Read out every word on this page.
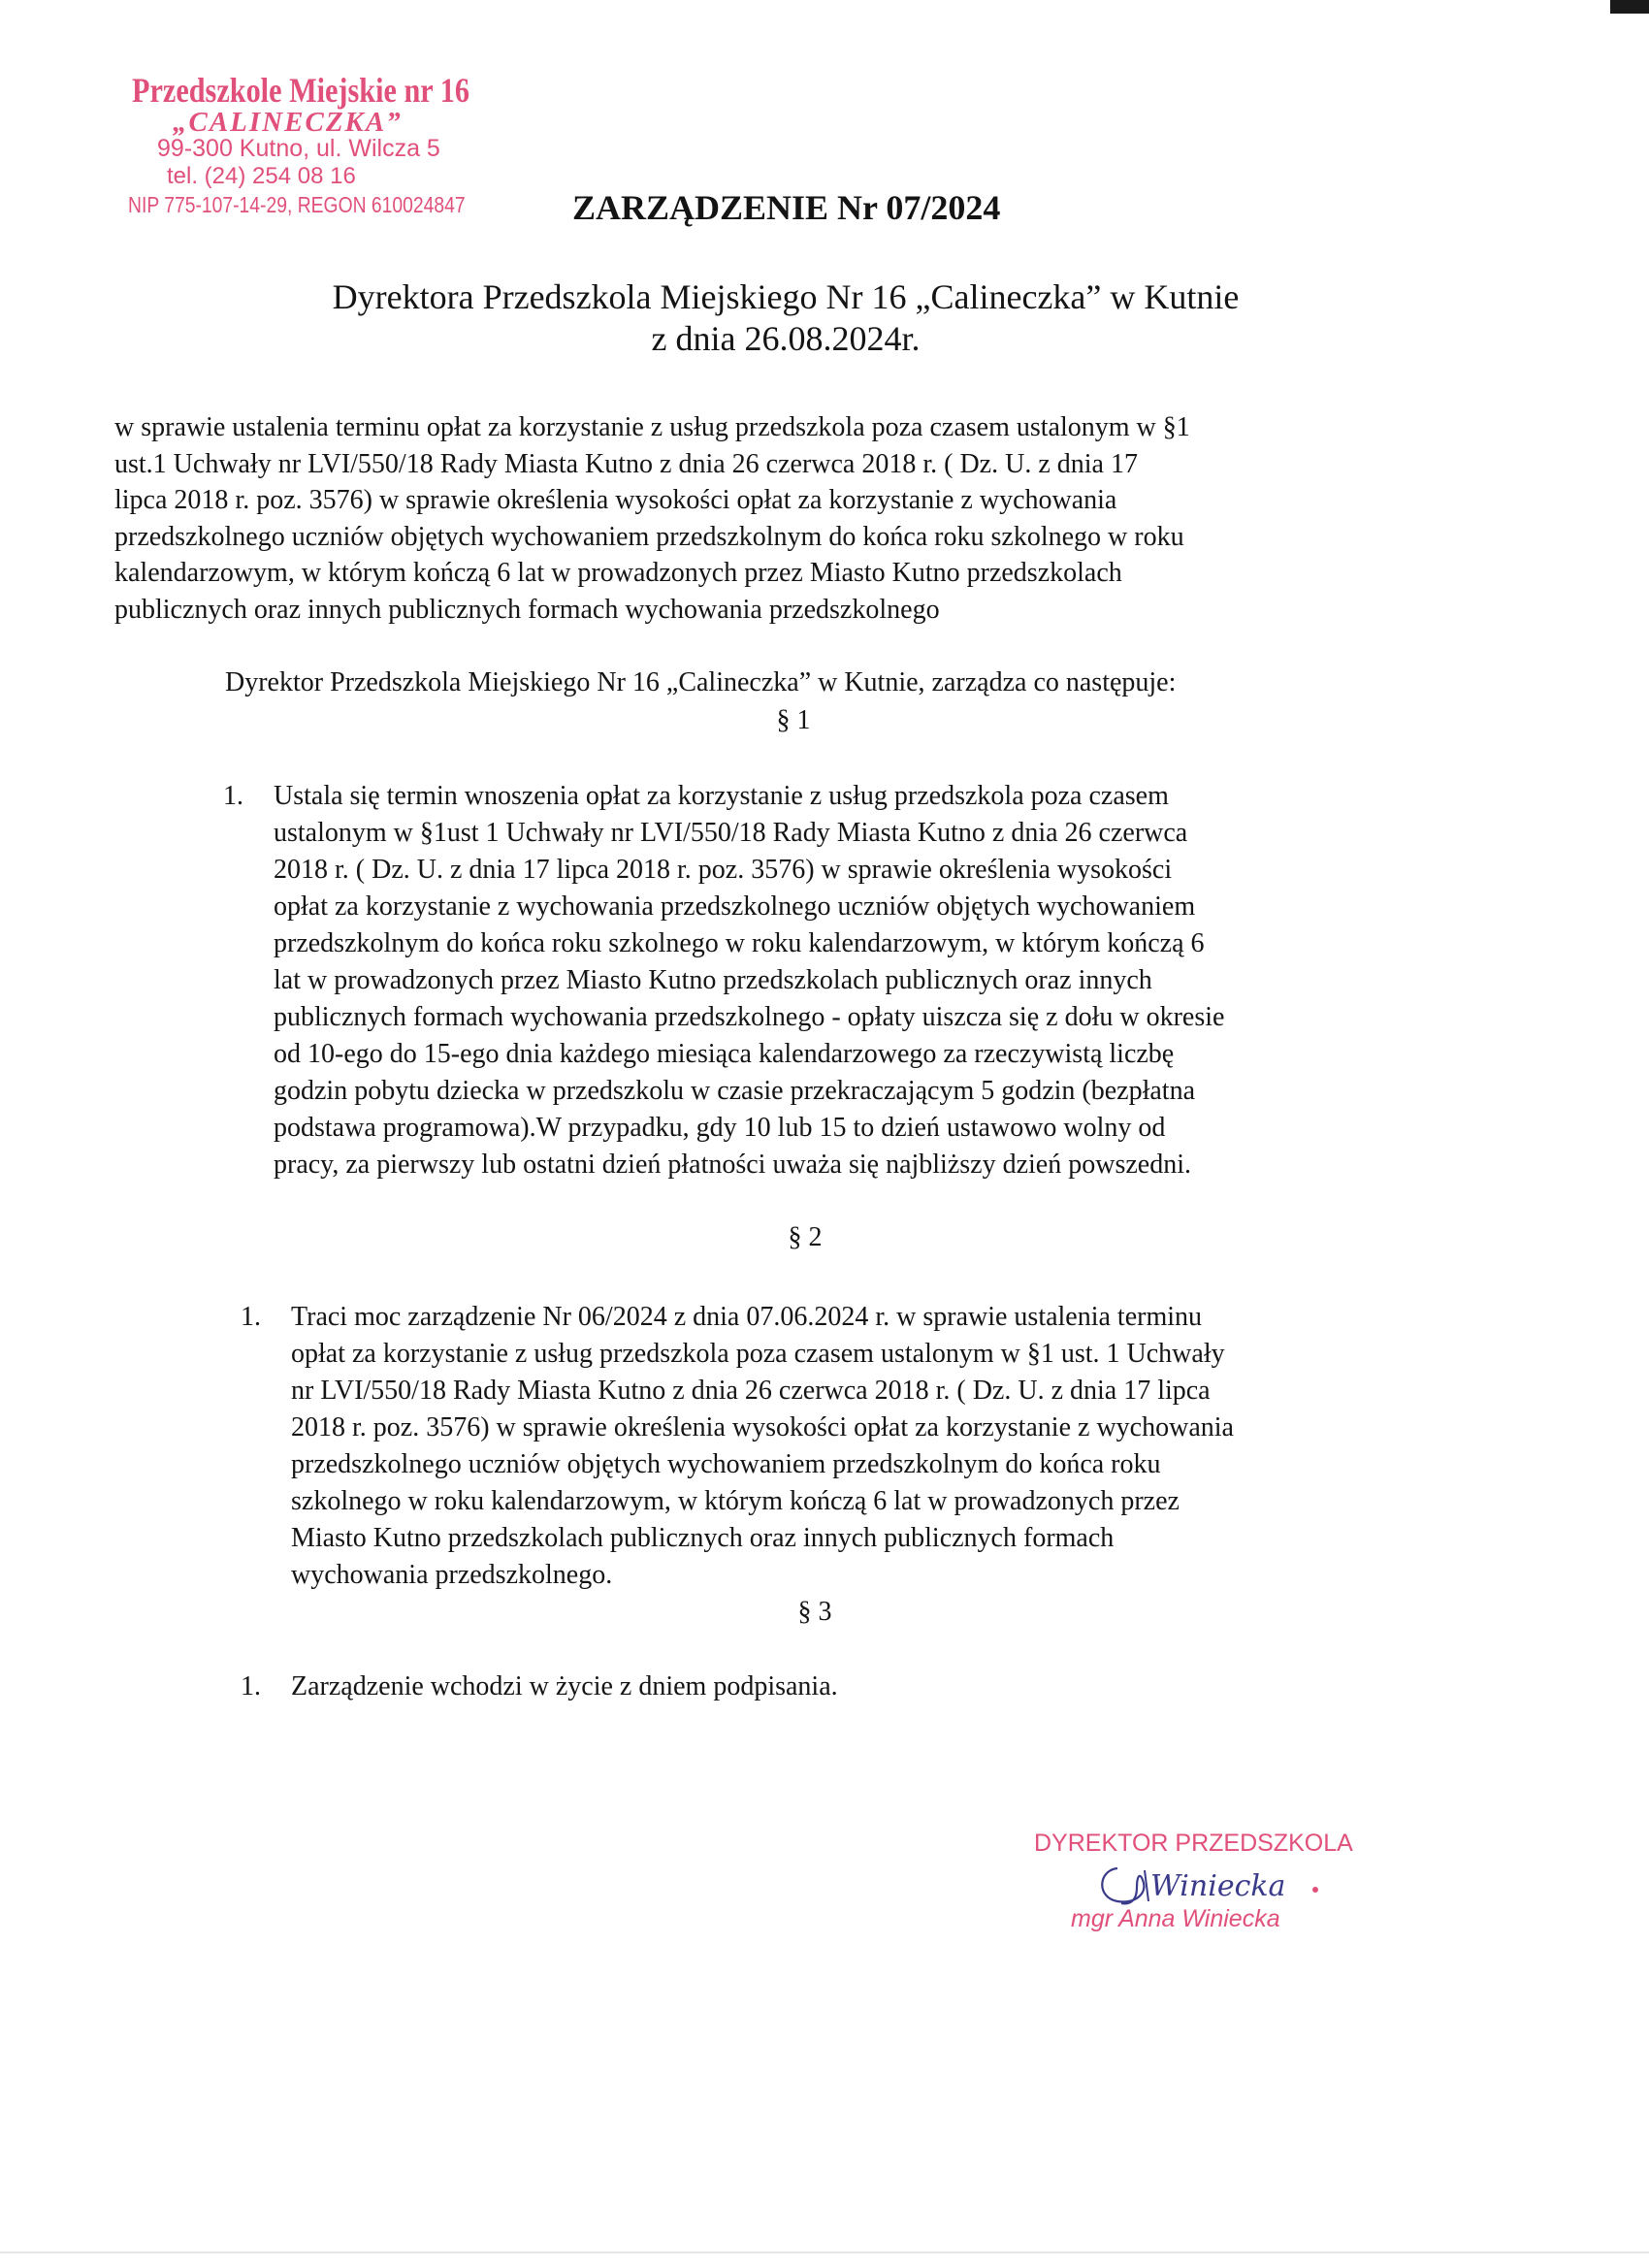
Przedszkole Miejskie nr 16
„CALINECZKA”
99-300 Kutno, ul. Wilcza 5
tel. (24) 254 08 16
NIP 775-107-14-29, REGON 610024847	ZARZĄDZENIE Nr 07/2024
Dyrektora Przedszkola Miejskiego Nr 16 „Calineczka” w Kutnie
z dnia 26.08.2024r.
w sprawie ustalenia terminu opłat za korzystanie z usług przedszkola poza czasem ustalonym w §1
ust.1 Uchwały nr LVI/550/18 Rady Miasta Kutno z dnia 26 czerwca 2018 r. ( Dz. U. z dnia 17
lipca 2018 r. poz. 3576) w sprawie określenia wysokości opłat za korzystanie z wychowania
przedszkolnego uczniów objętych wychowaniem przedszkolnym do końca roku szkolnego w roku
kalendarzowym, w którym kończą 6 lat w prowadzonych przez Miasto Kutno przedszkolach
publicznych oraz innych publicznych formach wychowania przedszkolnego
Dyrektor Przedszkola Miejskiego Nr 16 „Calineczka” w Kutnie, zarządza co następuje:
§ 1
1. Ustala się termin wnoszenia opłat za korzystanie z usług przedszkola poza czasem
ustalonym w §1ust 1 Uchwały nr LVI/550/18 Rady Miasta Kutno z dnia 26 czerwca
2018 r. ( Dz. U. z dnia 17 lipca 2018 r. poz. 3576) w sprawie określenia wysokości
opłat za korzystanie z wychowania przedszkolnego uczniów objętych wychowaniem
przedszkolnym do końca roku szkolnego w roku kalendarzowym, w którym kończą 6
lat w prowadzonych przez Miasto Kutno przedszkolach publicznych oraz innych
publicznych formach wychowania przedszkolnego - opłaty uiszcza się z dołu w okresie
od 10-ego do 15-ego dnia każdego miesiąca kalendarzowego za rzeczywistą liczbę
godzin pobytu dziecka w przedszkolu w czasie przekraczającym 5 godzin (bezpłatna
podstawa programowa).W przypadku, gdy 10 lub 15 to dzień ustawowo wolny od
pracy, za pierwszy lub ostatni dzień płatności uważa się najbliższy dzień powszedni.
§ 2
1. Traci moc zarządzenie Nr 06/2024 z dnia 07.06.2024 r. w sprawie ustalenia terminu
opłat za korzystanie z usług przedszkola poza czasem ustalonym w §1 ust. 1 Uchwały
nr LVI/550/18 Rady Miasta Kutno z dnia 26 czerwca 2018 r. ( Dz. U. z dnia 17 lipca
2018 r. poz. 3576) w sprawie określenia wysokości opłat za korzystanie z wychowania
przedszkolnego uczniów objętych wychowaniem przedszkolnym do końca roku
szkolnego w roku kalendarzowym, w którym kończą 6 lat w prowadzonych przez
Miasto Kutno przedszkolach publicznych oraz innych publicznych formach
wychowania przedszkolnego.
§ 3
1. Zarządzenie wchodzi w życie z dniem podpisania.
DYREKTOR PRZEDSZKOLA
Winiecka
mgr Anna Winiecka
